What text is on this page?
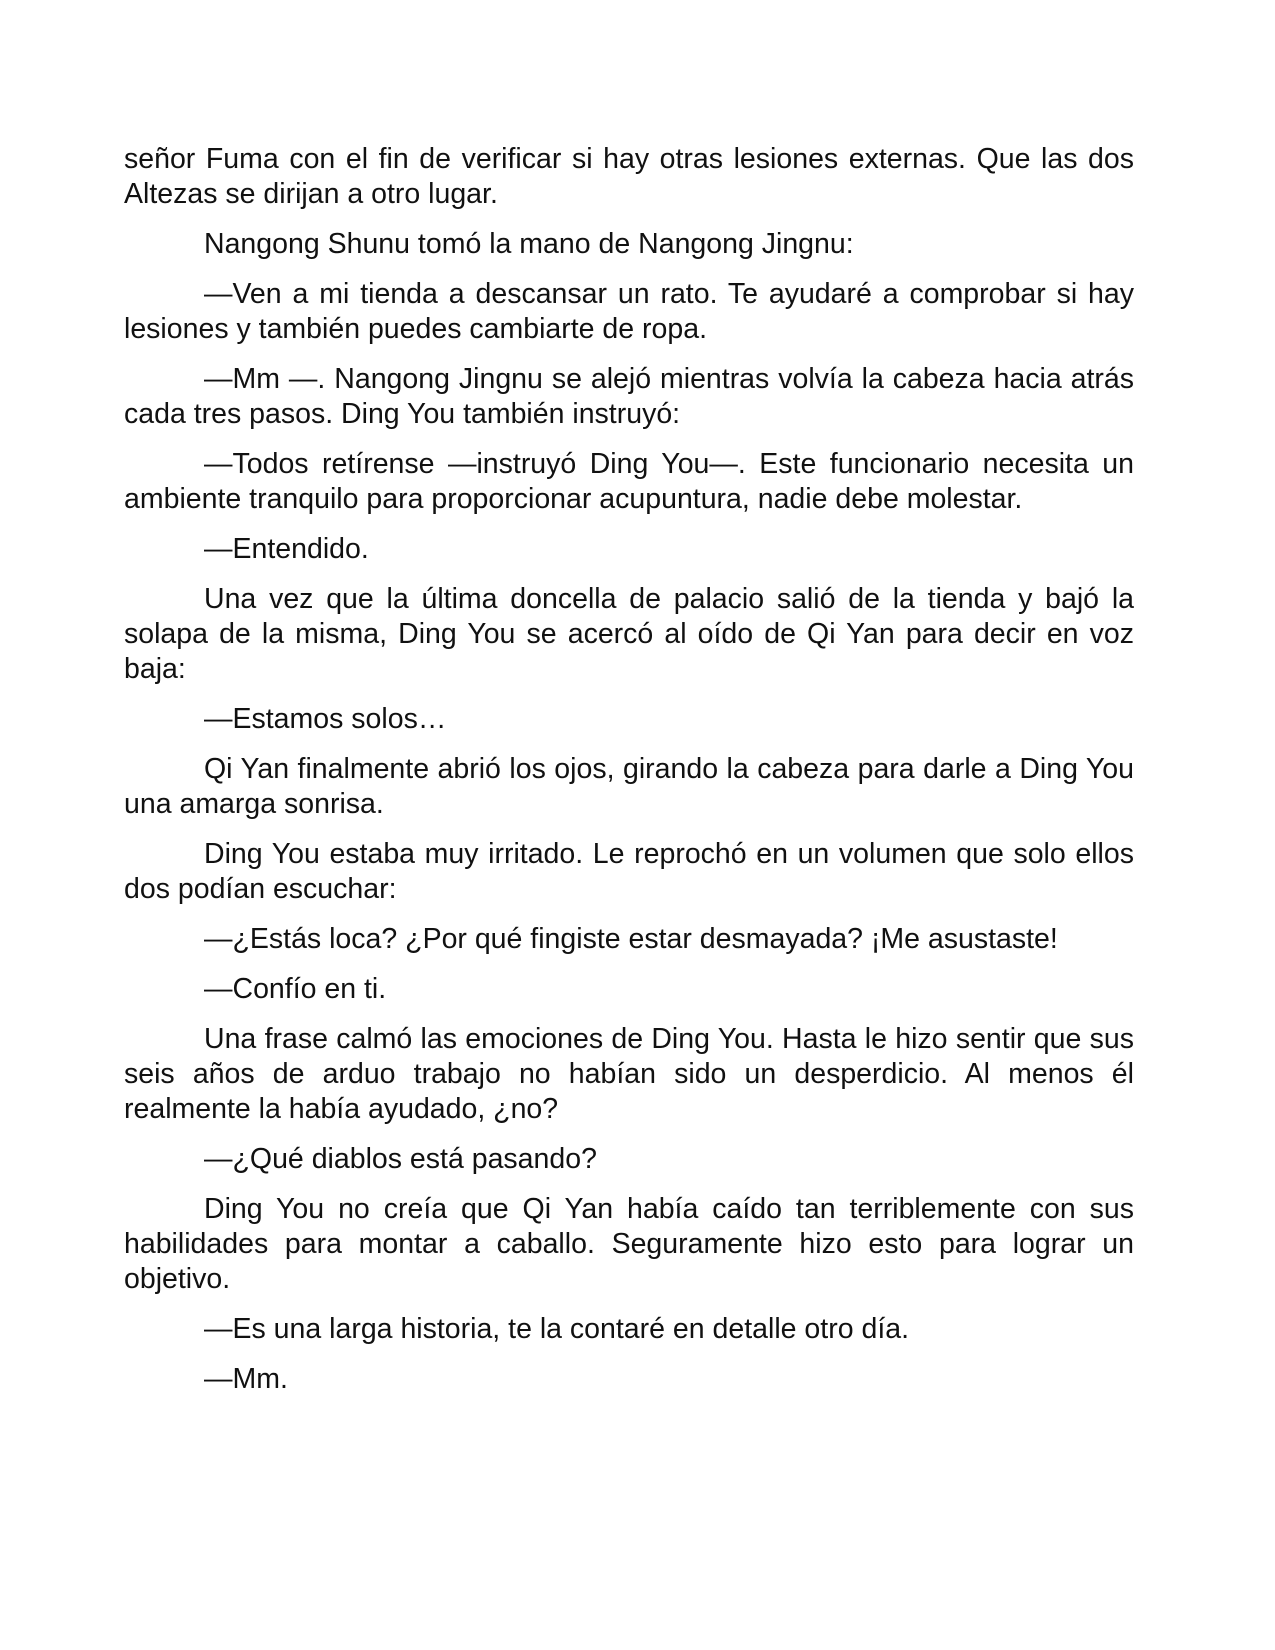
señor Fuma con el fin de verificar si hay otras lesiones externas. Que las dos Altezas se dirijan a otro lugar.

Nangong Shunu tomó la mano de Nangong Jingnu:

—Ven a mi tienda a descansar un rato. Te ayudaré a comprobar si hay lesiones y también puedes cambiarte de ropa.

—Mm —. Nangong Jingnu se alejó mientras volvía la cabeza hacia atrás cada tres pasos. Ding You también instruyó:

—Todos retírense —instruyó Ding You—. Este funcionario necesita un ambiente tranquilo para proporcionar acupuntura, nadie debe molestar.

—Entendido.

Una vez que la última doncella de palacio salió de la tienda y bajó la solapa de la misma, Ding You se acercó al oído de Qi Yan para decir en voz baja:

—Estamos solos…

Qi Yan finalmente abrió los ojos, girando la cabeza para darle a Ding You una amarga sonrisa.

Ding You estaba muy irritado. Le reprochó en un volumen que solo ellos dos podían escuchar:

—¿Estás loca? ¿Por qué fingiste estar desmayada? ¡Me asustaste!

—Confío en ti.

Una frase calmó las emociones de Ding You. Hasta le hizo sentir que sus seis años de arduo trabajo no habían sido un desperdicio. Al menos él realmente la había ayudado, ¿no?

—¿Qué diablos está pasando?

Ding You no creía que Qi Yan había caído tan terriblemente con sus habilidades para montar a caballo. Seguramente hizo esto para lograr un objetivo.

—Es una larga historia, te la contaré en detalle otro día.

—Mm.
